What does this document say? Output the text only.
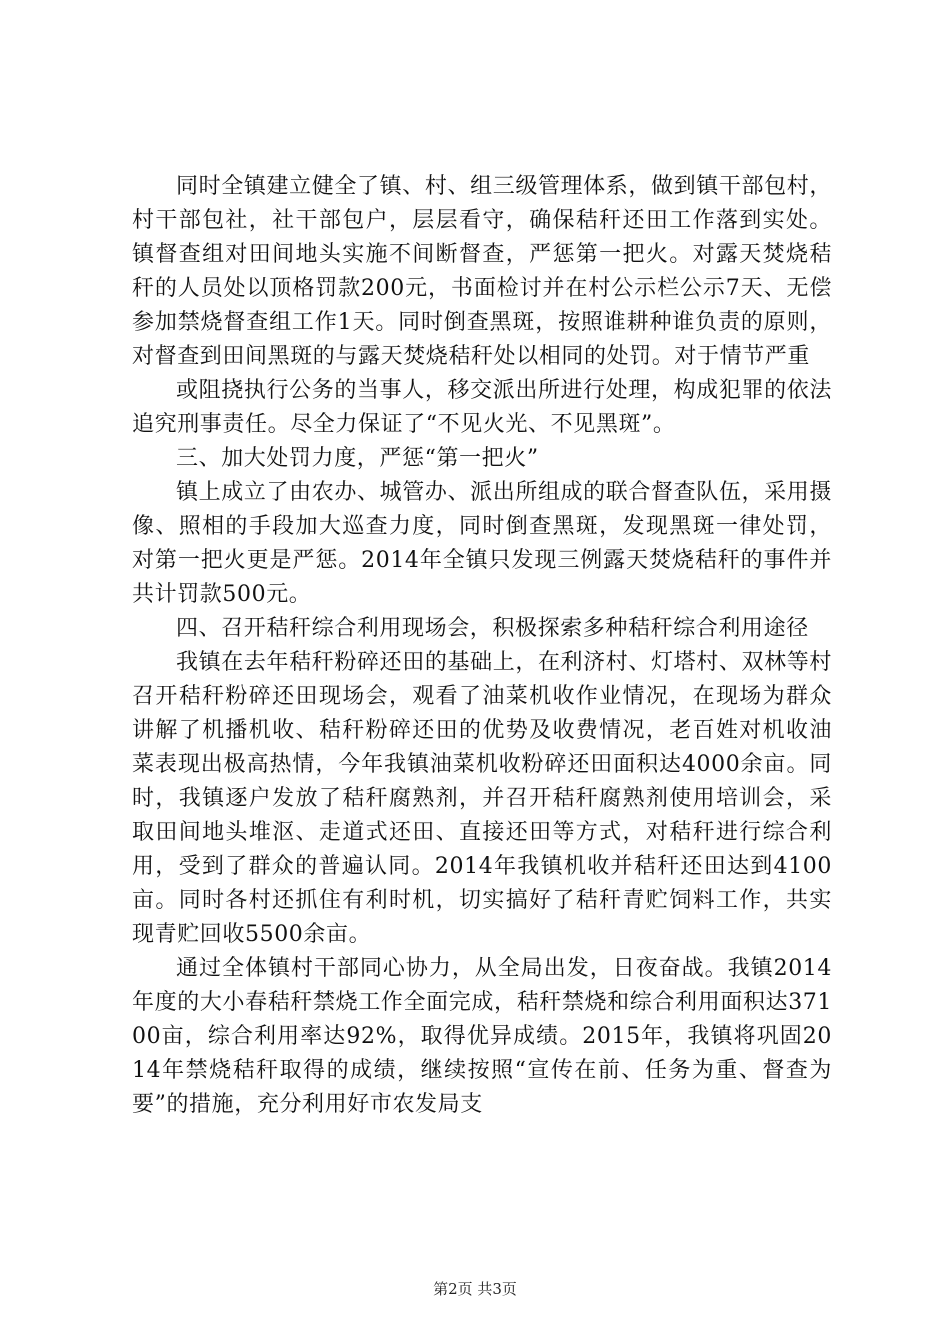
同时全镇建立健全了镇、村、组三级管理体系，做到镇干部包村，村干部包社，社干部包户，层层看守，确保秸秆还田工作落到实处。镇督查组对田间地头实施不间断督查，严惩第一把火。对露天焚烧秸秆的人员处以顶格罚款200元，书面检讨并在村公示栏公示7天、无偿参加禁烧督查组工作1天。同时倒查黑斑，按照谁耕种谁负责的原则，对督查到田间黑斑的与露天焚烧秸秆处以相同的处罚。对于情节严重

或阻挠执行公务的当事人，移交派出所进行处理，构成犯罪的依法追究刑事责任。尽全力保证了“不见火光、不见黑斑”。

三、加大处罚力度，严惩“第一把火”

镇上成立了由农办、城管办、派出所组成的联合督查队伍，采用摄像、照相的手段加大巡查力度，同时倒查黑斑，发现黑斑一律处罚，对第一把火更是严惩。2014年全镇只发现三例露天焚烧秸秆的事件并共计罚款500元。

四、召开秸秆综合利用现场会，积极探索多种秸秆综合利用途径

我镇在去年秸秆粉碎还田的基础上，在利济村、灯塔村、双林等村召开秸秆粉碎还田现场会，观看了油菜机收作业情况，在现场为群众讲解了机播机收、秸秆粉碎还田的优势及收费情况，老百姓对机收油菜表现出极高热情，今年我镇油菜机收粉碎还田面积达4000余亩。同时，我镇逐户发放了秸秆腐熟剂，并召开秸秆腐熟剂使用培训会，采取田间地头堆沤、走道式还田、直接还田等方式，对秸秆进行综合利用，受到了群众的普遍认同。2014年我镇机收并秸秆还田达到4100亩。同时各村还抓住有利时机，切实搞好了秸秆青贮饲料工作，共实现青贮回收5500余亩。

通过全体镇村干部同心协力，从全局出发，日夜奋战。我镇2014年度的大小春秸秆禁烧工作全面完成，秸秆禁烧和综合利用面积达37100亩，综合利用率达92%，取得优异成绩。2015年，我镇将巩固2014年禁烧秸秆取得的成绩，继续按照“宣传在前、任务为重、督查为要”的措施，充分利用好市农发局支

第2页 共3页
